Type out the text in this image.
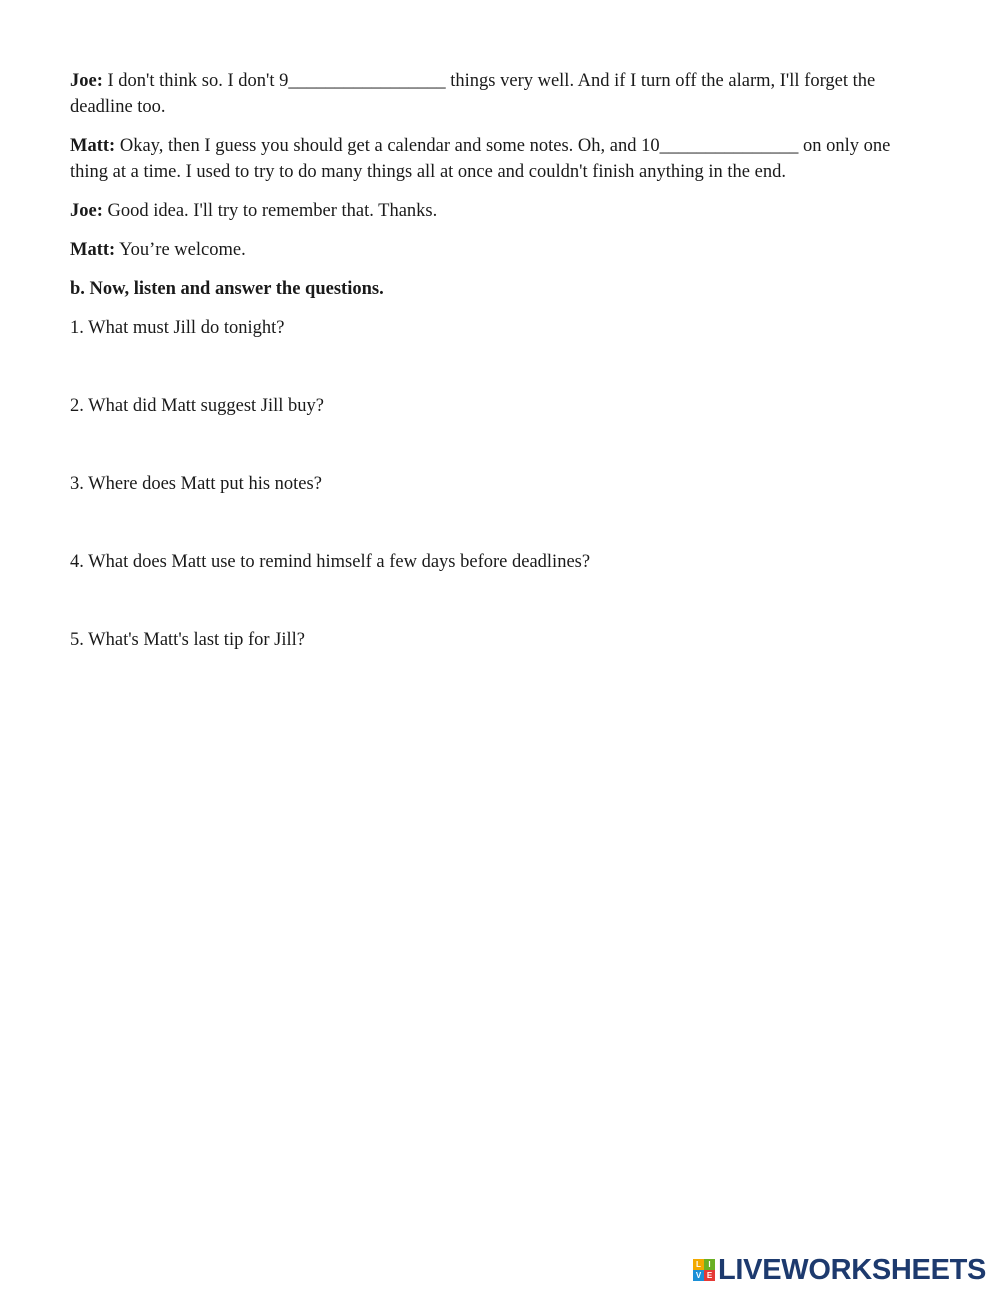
Joe: I don't think so. I don't 9_________________ things very well. And if I turn off the alarm, I'll forget the deadline too.

Matt: Okay, then I guess you should get a calendar and some notes. Oh, and 10_______________ on only one thing at a time. I used to try to do many things all at once and couldn't finish anything in the end.

Joe: Good idea. I'll try to remember that. Thanks.

Matt: You’re welcome.

b. Now, listen and answer the questions.

1. What must Jill do tonight?

2. What did Matt suggest Jill buy?

3. Where does Matt put his notes?

4. What does Matt use to remind himself a few days before deadlines?

5. What's Matt's last tip for Jill?

L I
V E LIVEWORKSHEETS
